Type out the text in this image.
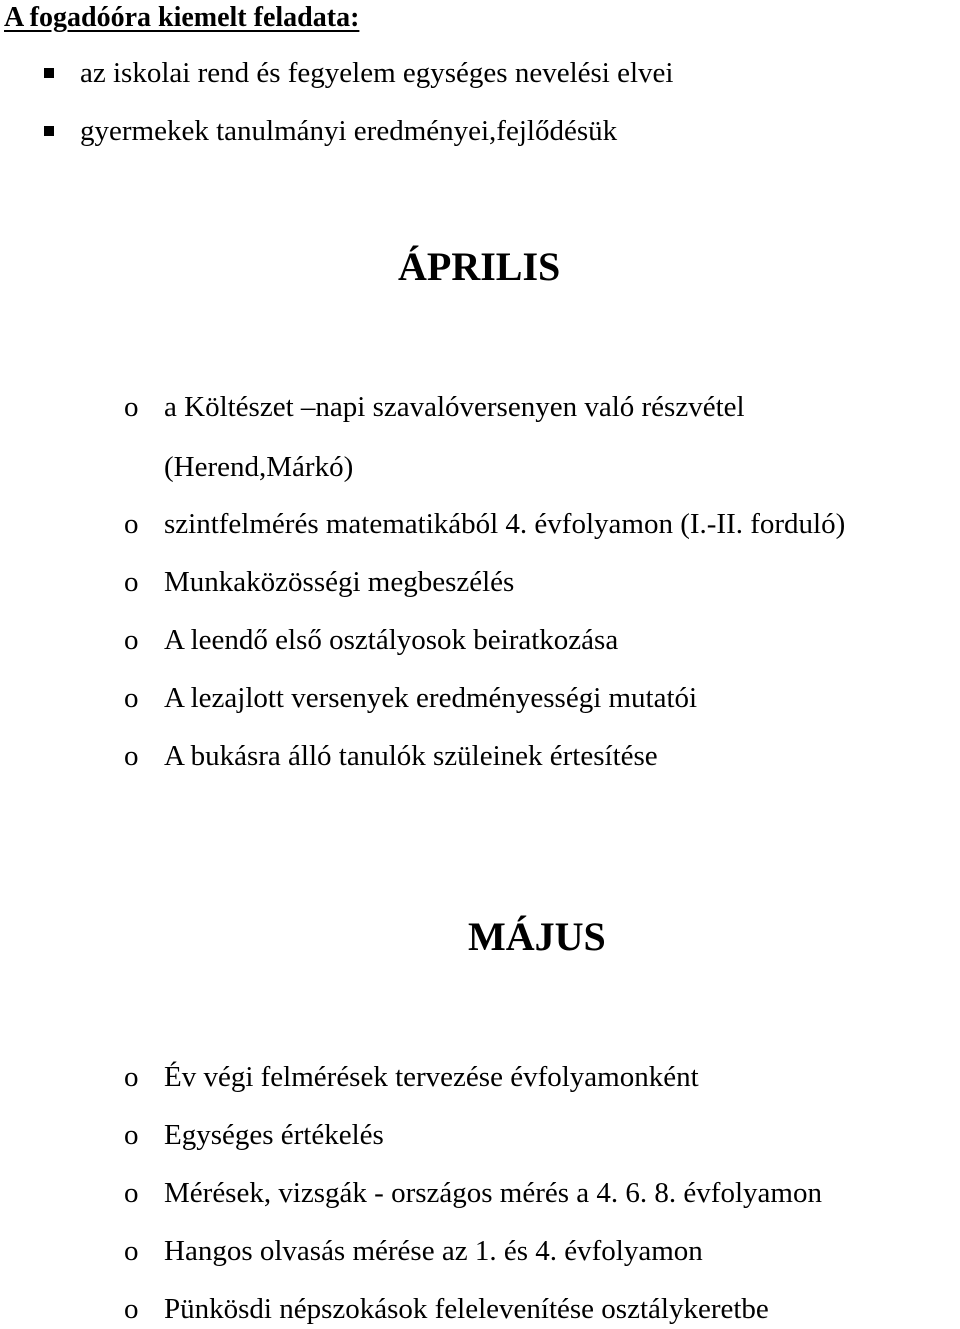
A fogadóóra kiemelt feladata:
az iskolai rend és fegyelem egységes nevelési elvei
gyermekek tanulmányi eredményei,fejlődésük
ÁPRILIS
o a Költészet –napi szavalóversenyen való részvétel
(Herend,Márkó)
o szintfelmérés matematikából 4. évfolyamon (I.-II. forduló)
o Munkaközösségi megbeszélés
o A leendő első osztályosok beiratkozása
o A lezajlott versenyek eredményességi mutatói
o A bukásra álló tanulók szüleinek értesítése
MÁJUS
o Év végi felmérések tervezése évfolyamonként
o Egységes értékelés
o Mérések, vizsgák - országos mérés a 4. 6. 8. évfolyamon
o Hangos olvasás mérése az 1. és 4. évfolyamon
o Pünkösdi népszokások felelevenítése osztálykeretbe
